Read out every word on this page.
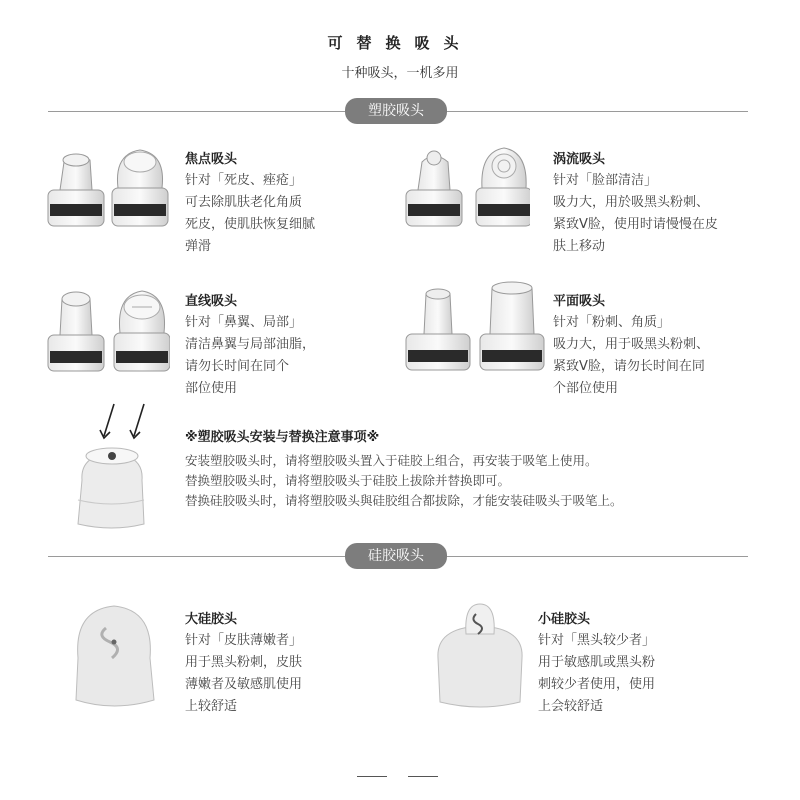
可替换吸头
十种吸头，一机多用
塑胶吸头
焦点吸头
针对「死皮、痤疮」
可去除肌肤老化角质
死皮，使肌肤恢复细腻
弹滑
涡流吸头
针对「脸部清洁」
吸力大，用於吸黑头粉刺、
紧致V脸，使用时请慢慢在皮
肤上移动
直线吸头
针对「鼻翼、局部」
清洁鼻翼与局部油脂，
请勿长时间在同个
部位使用
平面吸头
针对「粉刺、角质」
吸力大，用于吸黑头粉刺、
紧致V脸，请勿长时间在同
个部位使用
※塑胶吸头安装与替换注意事项※
安装塑胶吸头时，请将塑胶吸头置入于硅胶上组合，再安装于吸笔上使用。
替换塑胶吸头时，请将塑胶吸头于硅胶上拔除并替换即可。
替换硅胶吸头时，请将塑胶吸头與硅胶组合都拔除，才能安装硅吸头于吸笔上。
硅胶吸头
大硅胶头
针对「皮肤薄嫩者」
用于黑头粉刺，皮肤
薄嫩者及敏感肌使用
上较舒适
小硅胶头
针对「黑头较少者」
用于敏感肌或黑头粉
刺较少者使用，使用
上会较舒适
